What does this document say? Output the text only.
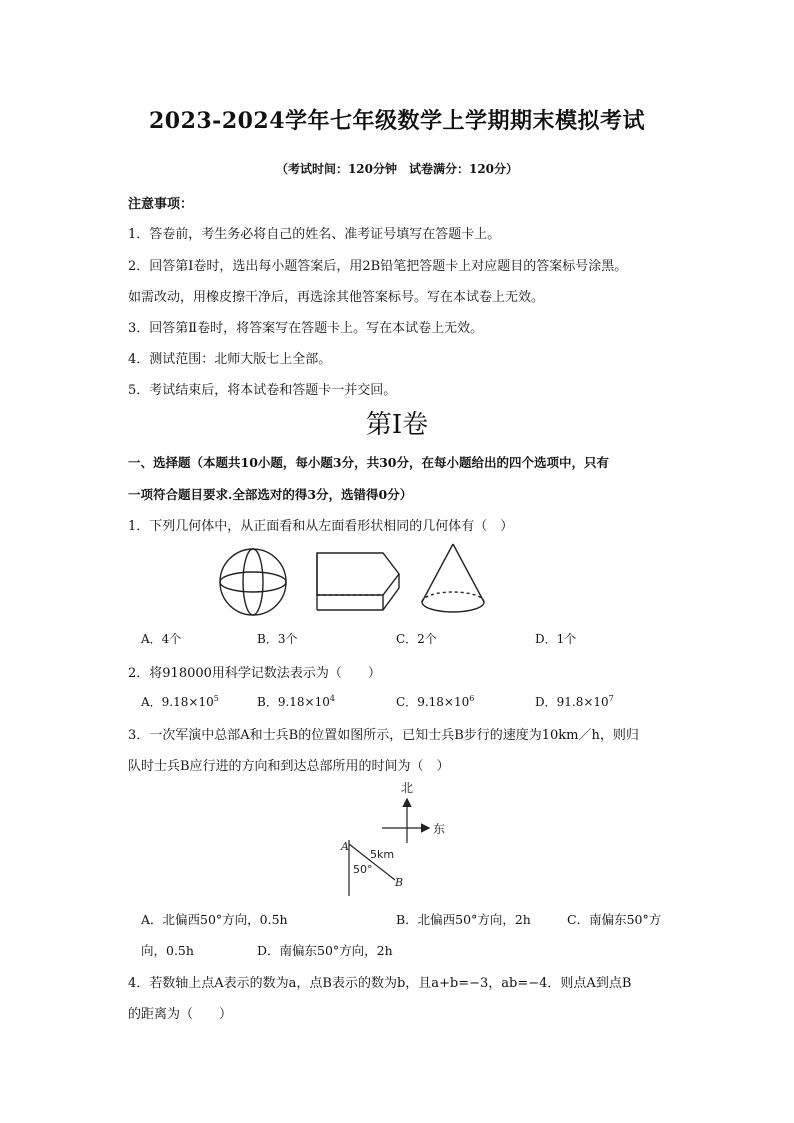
2023-2024学年七年级数学上学期期末模拟考试
（考试时间：120分钟　试卷满分：120分）
注意事项：
1．答卷前，考生务必将自己的姓名、准考证号填写在答题卡上。
2．回答第Ⅰ卷时，选出每小题答案后，用2B铅笔把答题卡上对应题目的答案标号涂黑。
如需改动，用橡皮擦干净后，再选涂其他答案标号。写在本试卷上无效。
3．回答第Ⅱ卷时，将答案写在答题卡上。写在本试卷上无效。
4．测试范围：北师大版七上全部。
5．考试结束后，将本试卷和答题卡一并交回。
第Ⅰ卷
一、选择题（本题共10小题，每小题3分，共30分，在每小题给出的四个选项中，只有
一项符合题目要求.全部选对的得3分，选错得0分）
1．下列几何体中，从正面看和从左面看形状相同的几何体有（　）
A．4个	B．3个	C．2个	D．1个
2．将918000用科学记数法表示为（　　）
A．$9.18\times 10^5$	B．$9.18\times 10^4$	C．$9.18\times 10^6$	D．$91.8\times 10^7$
3．一次军演中总部A和士兵B的位置如图所示，已知士兵B步行的速度为10km／h，则归
队时士兵B应行进的方向和到达总部所用的时间为（　）
北
东
A
B
5km
50°
A．北偏西50°方向，0.5h	B．北偏西50°方向，2h	C．南偏东50°方
向，0.5h	D．南偏东50°方向，2h
4．若数轴上点A表示的数为a，点B表示的数为b，且a+b=−3，ab=−4．则点A到点B
的距离为（　　）
